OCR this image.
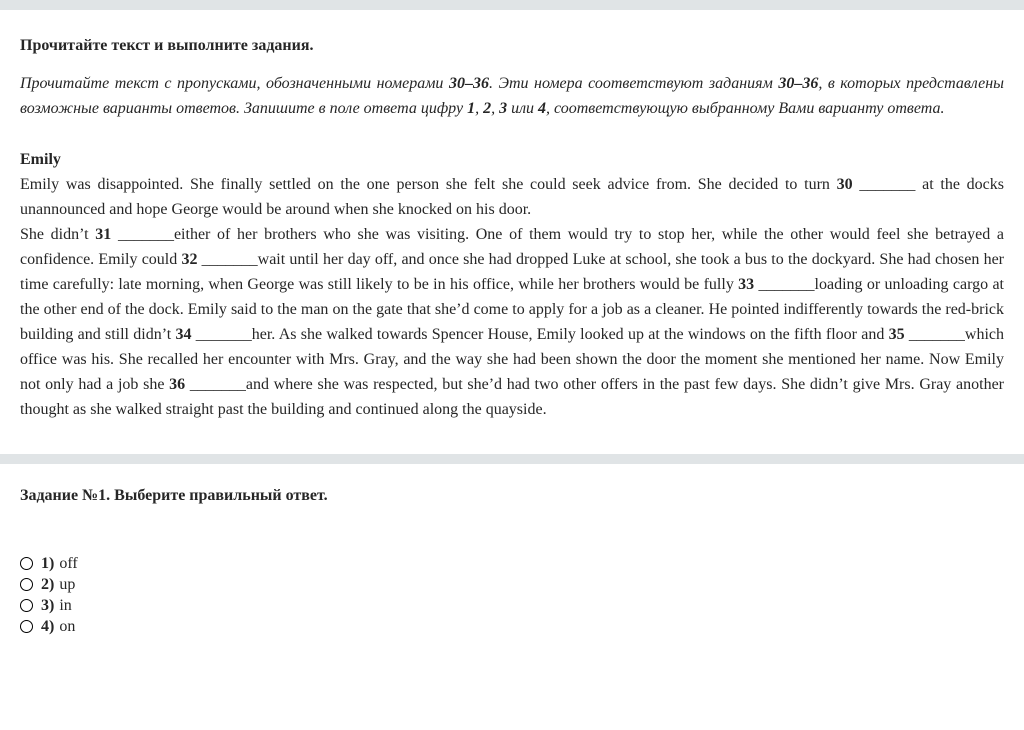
Прочитайте текст и выполните задания.

Прочитайте текст с пропусками, обозначенными номерами 30–36. Эти номера соответствуют заданиям 30–36, в которых представлены возможные варианты ответов. Запишите в поле ответа цифру 1, 2, 3 или 4, соответствующую выбранному Вами варианту ответа.

Emily

Emily was disappointed. She finally settled on the one person she felt she could seek advice from. She decided to turn 30 _______ at the docks unannounced and hope George would be around when she knocked on his door.

She didn’t 31 _______either of her brothers who she was visiting. One of them would try to stop her, while the other would feel she betrayed a confidence. Emily could 32 _______wait until her day off, and once she had dropped Luke at school, she took a bus to the dockyard. She had chosen her time carefully: late morning, when George was still likely to be in his office, while her brothers would be fully 33 _______loading or unloading cargo at the other end of the dock. Emily said to the man on the gate that she’d come to apply for a job as a cleaner. He pointed indifferently towards the red-brick building and still didn’t 34 _______her. As she walked towards Spencer House, Emily looked up at the windows on the fifth floor and 35 _______which office was his. She recalled her encounter with Mrs. Gray, and the way she had been shown the door the moment she mentioned her name. Now Emily not only had a job she 36 _______and where she was respected, but she’d had two other offers in the past few days. She didn’t give Mrs. Gray another thought as she walked straight past the building and continued along the quayside.

Задание №1. Выберите правильный ответ.
1) off
2) up
3) in
4) on
